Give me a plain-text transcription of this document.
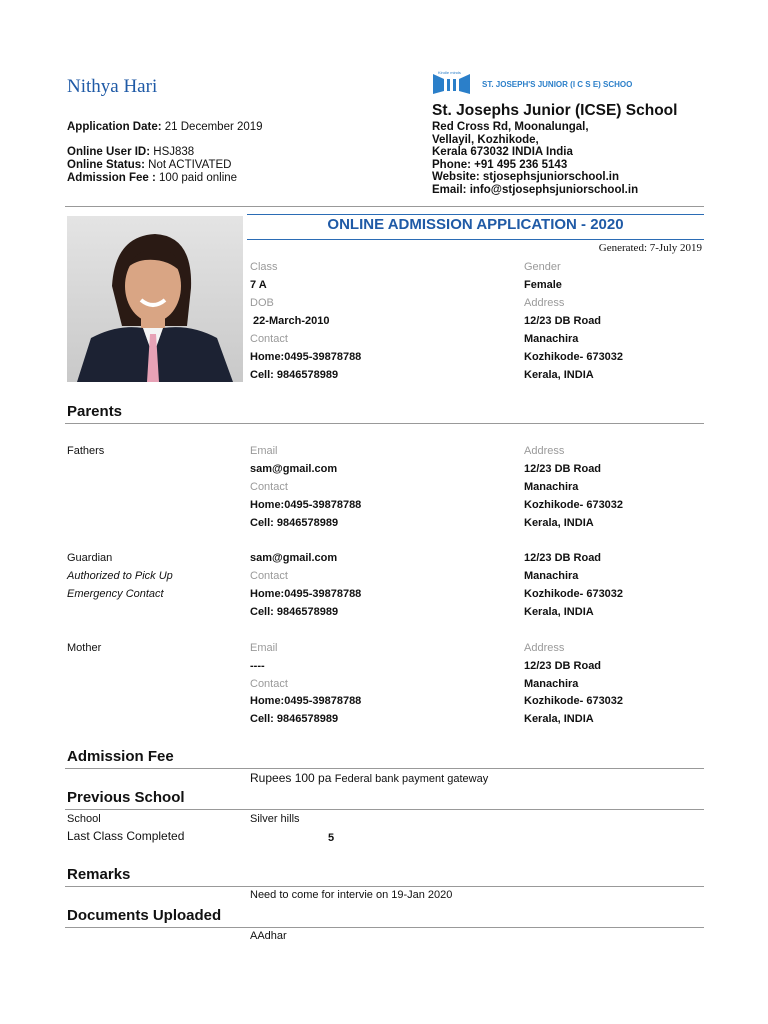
Nithya Hari
Application Date: 21 December 2019
Online User ID: HSJ838
Online Status: Not ACTIVATED
Admission Fee : 100 paid online
Kindle minds
ST. JOSEPH'S JUNIOR (I C S E) SCHOOL
St. Josephs Junior (ICSE) School
Red Cross Rd, Moonalungal,
Vellayil, Kozhikode,
Kerala 673032 INDIA India
Phone: +91 495 236 5143
Website: stjosephsjuniorschool.in
Email: info@stjosephsjuniorschool.in
ONLINE ADMISSION APPLICATION - 2020
Generated: 7-July 2019
Class
7 A
DOB
22-March-2010
Contact
Home:0495-39878788
Cell: 9846578989
Gender
Female
Address
12/23 DB Road
Manachira
Kozhikode- 673032
Kerala, INDIA
Parents
Fathers	Email
sam@gmail.com
Contact
Home:0495-39878788
Cell: 9846578989
Address
12/23 DB Road
Manachira
Kozhikode- 673032
Kerala, INDIA
Guardian
Authorized to Pick Up
Emergency Contact
sam@gmail.com
Contact
Home:0495-39878788
Cell: 9846578989
12/23 DB Road
Manachira
Kozhikode- 673032
Kerala, INDIA
Mother	Email
----
Contact
Home:0495-39878788
Cell: 9846578989
Address
12/23 DB Road
Manachira
Kozhikode- 673032
Kerala, INDIA
Admission Fee
Rupees 100 pa Federal bank payment gateway
Previous School
School	Silver hills
Last Class Completed	5
Remarks
Need to come for intervie on 19-Jan 2020
Documents Uploaded
AAdhar
